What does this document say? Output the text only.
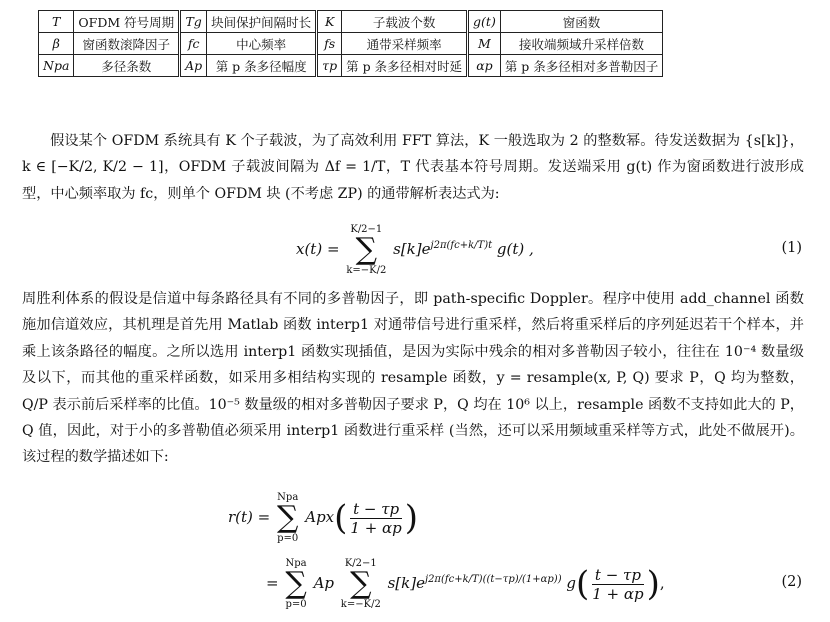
T	OFDM 符号周期	Tg	块间保护间隔时长	K	子载波个数	g(t)	窗函数
β	窗函数滚降因子	fc	中心频率	fs	通带采样频率	M	接收端频域升采样倍数
Npa	多径条数	Ap	第 p 条多径幅度	τp	第 p 条多径相对时延	αp	第 p 条多径相对多普勒因子
假设某个 OFDM 系统具有 K 个子载波，为了高效利用 FFT 算法，K 一般选取为 2 的整数幂。待发送数据为 {s[k]}，k ∈ [−K/2, K/2 − 1]，OFDM 子载波间隔为 Δf = 1/T，T 代表基本符号周期。发送端采用 g(t) 作为窗函数进行波形成型，中心频率取为 fc，则单个 OFDM 块 (不考虑 ZP) 的通带解析表达式为:
x(t) =
K/2−1
∑
k=−K/2
$s[k]e^{j2\pi(fc+k/T)t}$ g(t) ,	(1)
周胜利体系的假设是信道中每条路径具有不同的多普勒因子，即 path-specific Doppler。程序中使用 add_channel 函数施加信道效应，其机理是首先用 Matlab 函数 interp1 对通带信号进行重采样，然后将重采样后的序列延迟若干个样本，并乘上该条路径的幅度。之所以选用 interp1 函数实现插值，是因为实际中残余的相对多普勒因子较小，往往在 10⁻⁴ 数量级及以下，而其他的重采样函数，如采用多相结构实现的 resample 函数，y = resample(x, P, Q) 要求 P，Q 均为整数，Q/P 表示前后采样率的比值。10⁻⁵ 数量级的相对多普勒因子要求 P，Q 均在 10⁶ 以上，resample 函数不支持如此大的 P，Q 值，因此，对于小的多普勒值必须采用 interp1 函数进行重采样 (当然，还可以采用频域重采样等方式，此处不做展开)。该过程的数学描述如下:
r(t) =
Npa
∑
p=0
$Apx( \frac{t - \tau p}{1 + \alpha p}$ )
=
Npa
∑
p=0
Ap
K/2−1
∑
k=−K/2
$s[k]e^{j2\pi(fc+k/T)((t-\tau p)/(1+\alpha p))}$ $g( \frac{t - \tau p}{1 + \alpha p}$ ),	(2)
